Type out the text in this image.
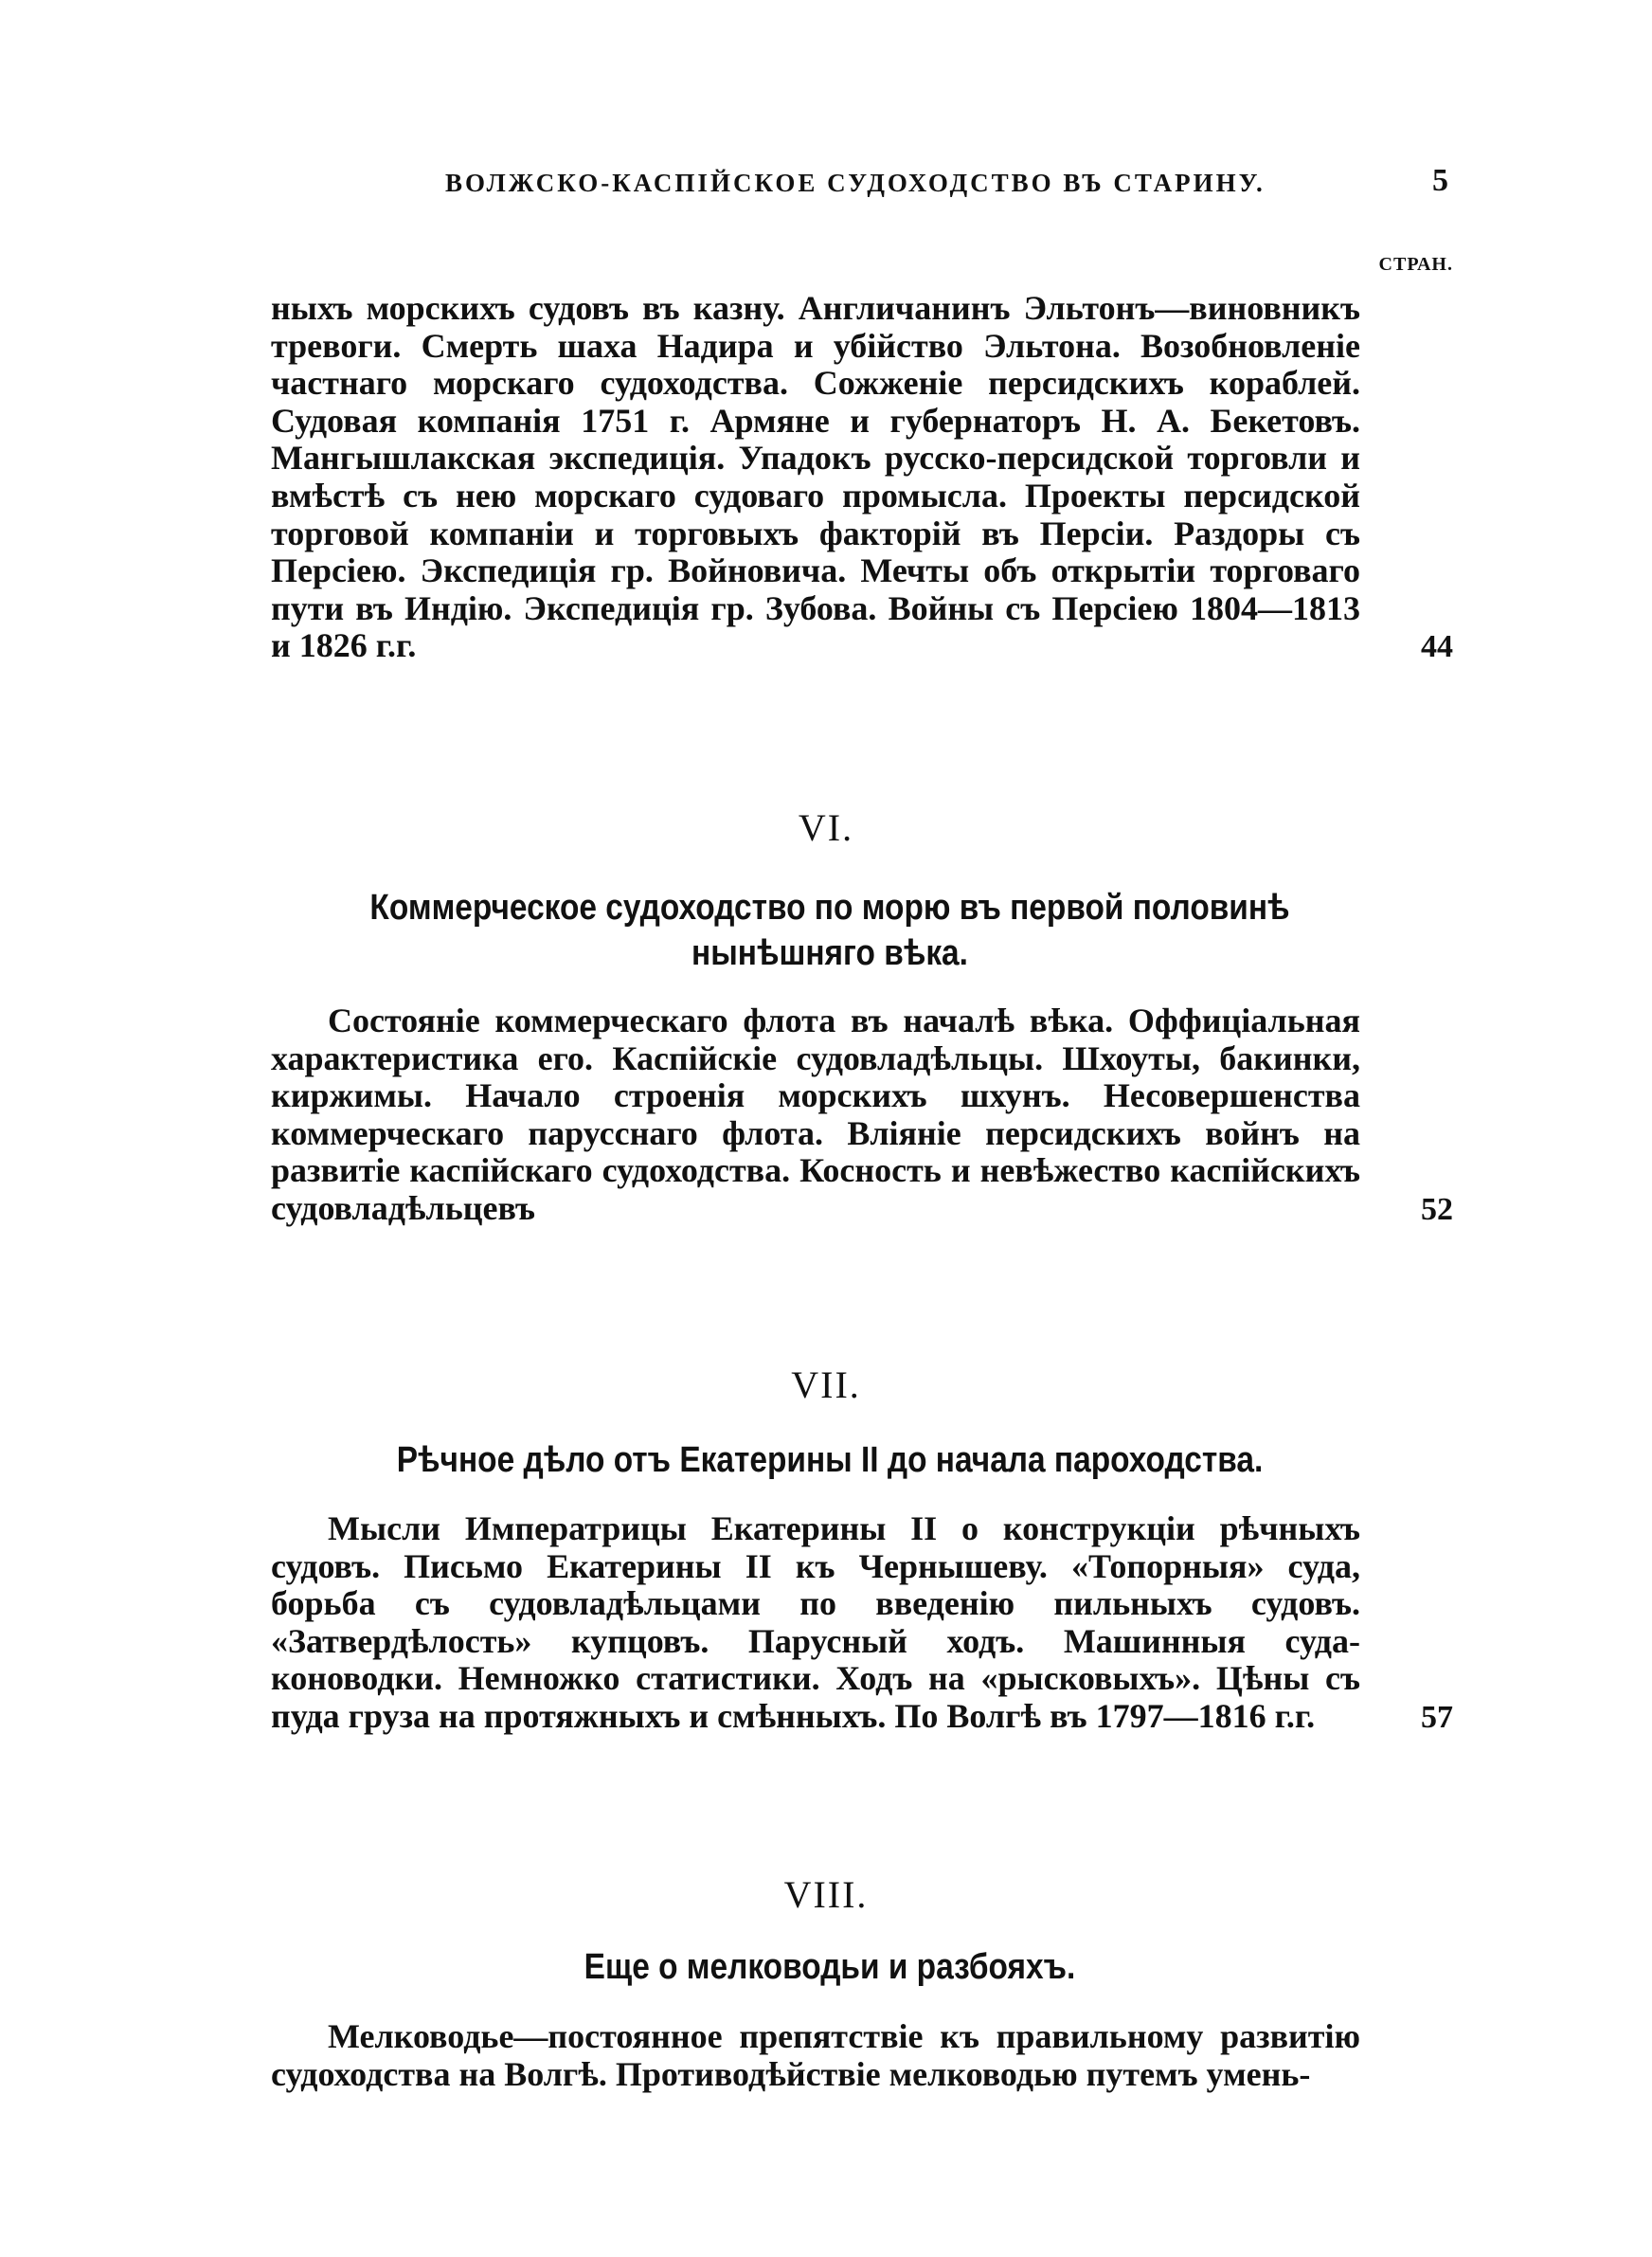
ВОЛЖСКО-КАСПІЙСКОЕ СУДОХОДСТВО ВЪ СТАРИНУ.	5
СТРАН.

ныхъ морскихъ судовъ въ казну. Англичанинъ Эльтонъ—виновникъ тревоги. Смерть шаха Надира и убійство Эльтона. Возобновленіе частнаго морскаго судоходства. Сожженіе персидскихъ кораблей. Судовая компанія 1751 г. Армяне и губернаторъ Н. А. Бекетовъ. Мангышлакская экспедиція. Упадокъ русско-персидской торговли и вмѣстѣ съ нею морскаго судоваго промысла. Проекты персидской торговой компаніи и торговыхъ факторій въ Персіи. Раздоры съ Персіею. Экспедиція гр. Войновича. Мечты объ открытіи торговаго пути въ Индію. Экспедиція гр. Зубова. Войны съ Персіею 1804—1813 и 1826 г.г.	44
VI.
Коммерческое судоходство по морю въ первой половинѣ нынѣшняго вѣка.

Состояніе коммерческаго флота въ началѣ вѣка. Оффиціальная характеристика его. Каспійскіе судовладѣльцы. Шхоуты, бакинки, киржимы. Начало строенія морскихъ шхунъ. Несовершенства коммерческаго парусснаго флота. Вліяніе персидскихъ войнъ на развитіе каспійскаго судоходства. Косность и невѣжество каспійскихъ судовладѣльцевъ	52
VII.
Рѣчное дѣло отъ Екатерины II до начала пароходства.

Мысли Императрицы Екатерины II о конструкціи рѣчныхъ судовъ. Письмо Екатерины II къ Чернышеву. «Топорныя» суда, борьба съ судовладѣльцами по введенію пильныхъ судовъ. «Затвердѣлость» купцовъ. Парусный ходъ. Машинныя суда-коноводки. Немножко статистики. Ходъ на «рысковыхъ». Цѣны съ пуда груза на протяжныхъ и смѣнныхъ. По Волгѣ въ 1797—1816 г.г.	57
VIII.
Еще о мелководьи и разбояхъ.

Мелководье—постоянное препятствіе къ правильному развитію судоходства на Волгѣ. Противодѣйствіе мелководью путемъ умень-
